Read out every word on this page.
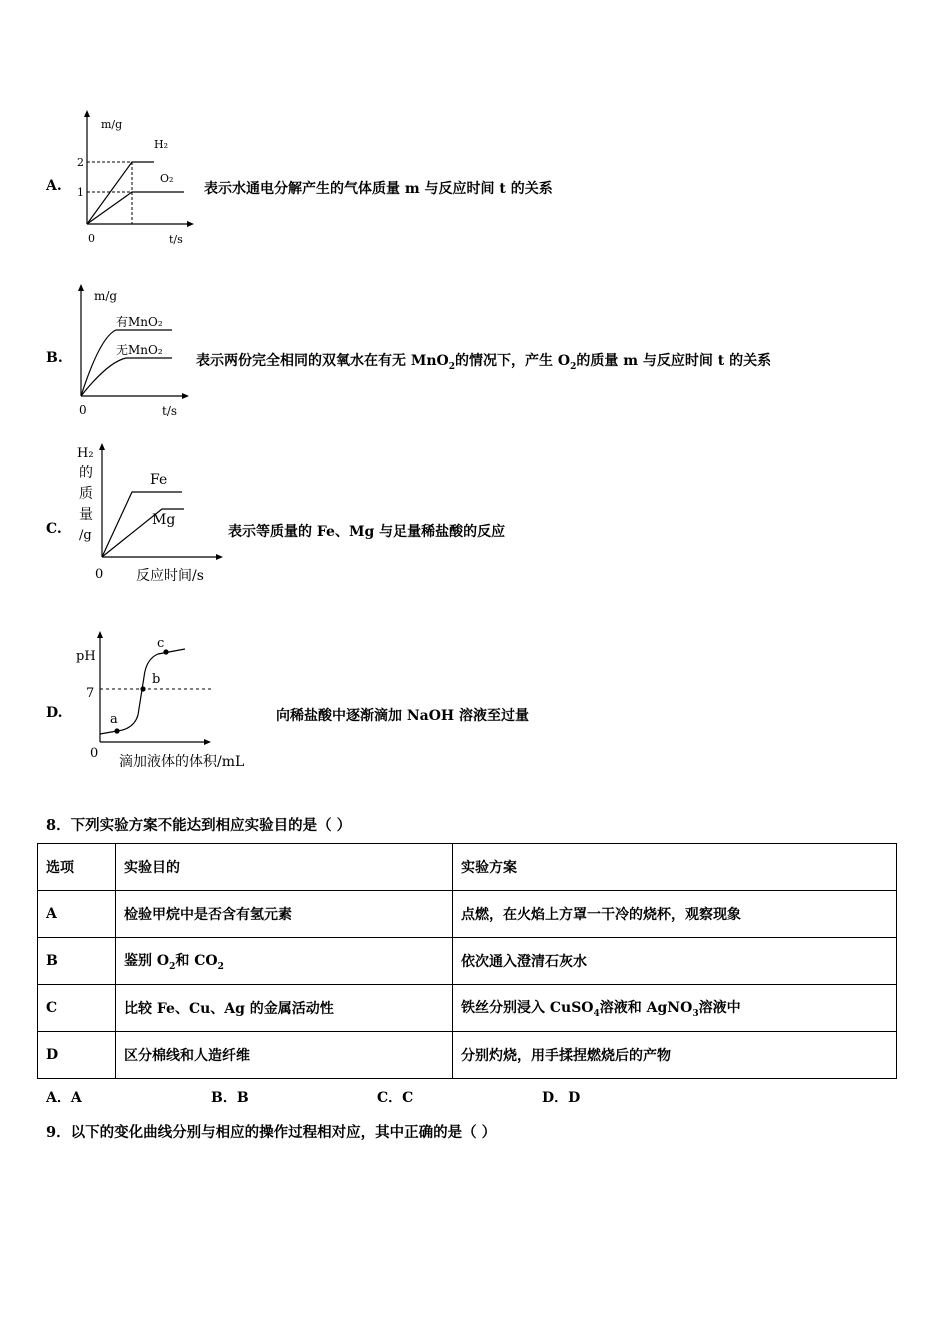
A.
m/g
t/s
0
2
1
H₂
O₂
表示水通电分解产生的气体质量 m 与反应时间 t 的关系
B.
m/g
t/s
0
有MnO₂
无MnO₂
表示两份完全相同的双氧水在有无 MnO$_2$的情况下，产生 $O_2$的质量 m 与反应时间 t 的关系
C.
H₂
的
质
量
/g
0 反应时间/s
Fe
Mg
表示等质量的 Fe、Mg 与足量稀盐酸的反应
D.
pH
7
0
滴加液体的体积/mL
a
b
c
向稀盐酸中逐渐滴加 NaOH 溶液至过量
8．下列实验方案不能达到相应实验目的是（ ）
选项	实验目的	实验方案
A	检验甲烷中是否含有氢元素	点燃，在火焰上方罩一干冷的烧杯，观察现象
B	鉴别 $O_2$和 $CO_2$	依次通入澄清石灰水
C	比较 Fe、Cu、Ag 的金属活动性	铁丝分别浸入 CuSO$_4$溶液和 AgNO$_3$溶液中
D	区分棉线和人造纤维	分别灼烧，用手揉捏燃烧后的产物
A．A	B．B	C．C	D．D
9．以下的变化曲线分别与相应的操作过程相对应，其中正确的是（ ）
